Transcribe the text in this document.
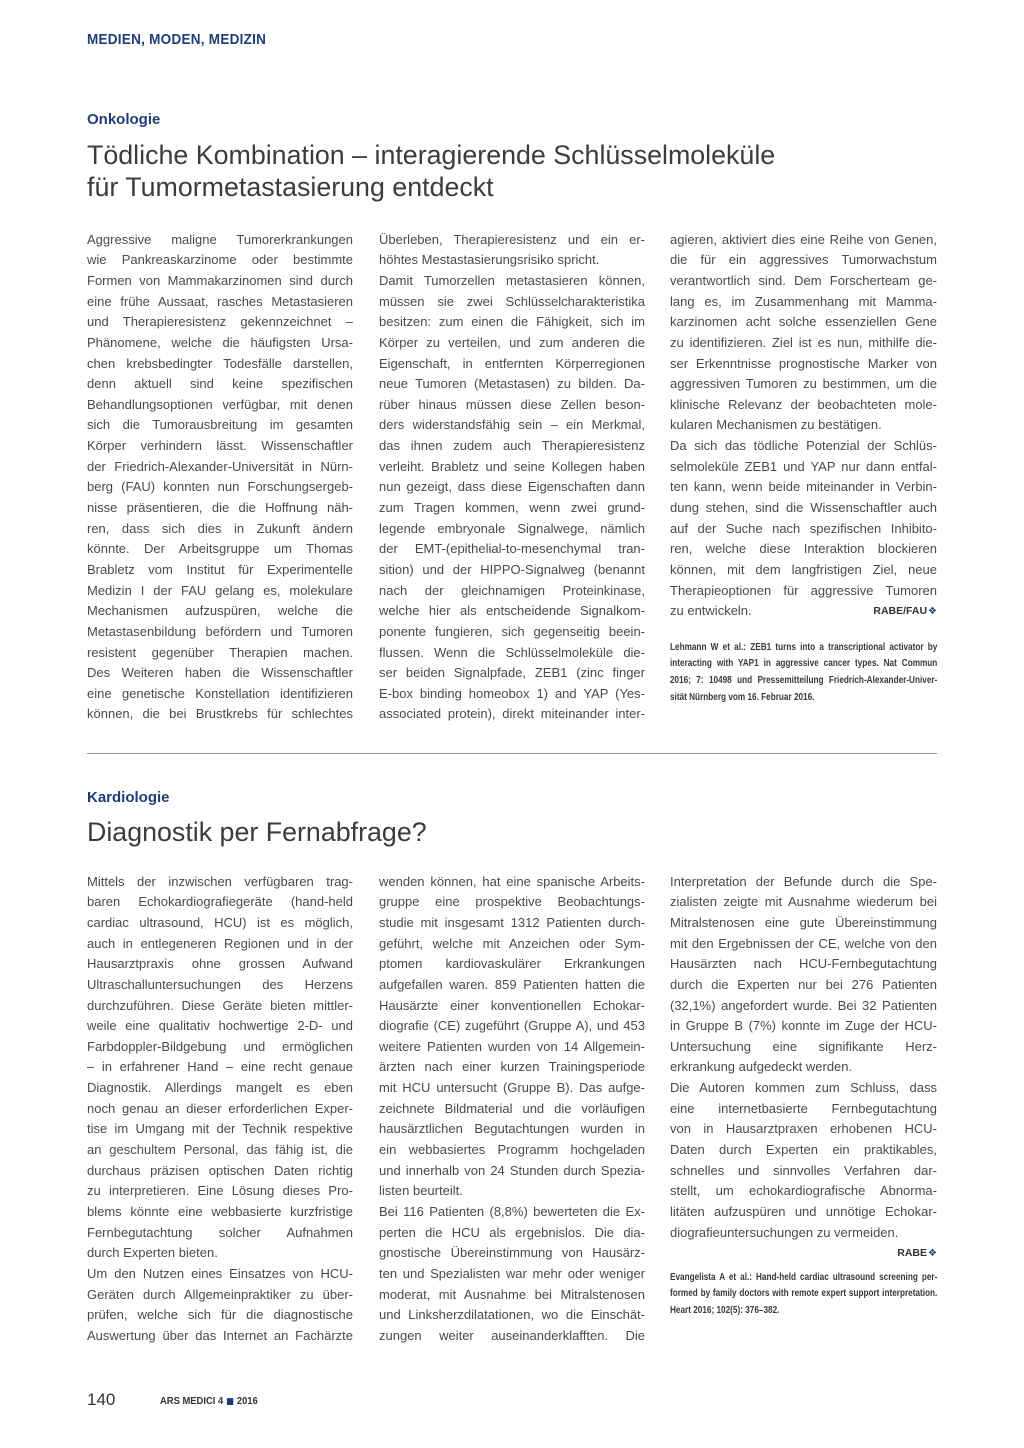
MEDIEN, MODEN, MEDIZIN
Onkologie
Tödliche Kombination – interagierende Schlüsselmoleküle
für Tumormetastasierung entdeckt
Aggressive maligne Tumorerkrankungen
wie Pankreaskarzinome oder bestimmte
Formen von Mammakarzinomen sind durch
eine frühe Aussaat, rasches Metastasieren
und Therapieresistenz gekennzeichnet –
Phänomene, welche die häufigsten Ursa-
chen krebsbedingter Todesfälle darstellen,
denn aktuell sind keine spezifischen
Behandlungsoptionen verfügbar, mit denen
sich die Tumorausbreitung im gesamten
Körper verhindern lässt. Wissenschaftler
der Friedrich-Alexander-Universität in Nürn-
berg (FAU) konnten nun Forschungsergeb-
nisse präsentieren, die die Hoffnung näh-
ren, dass sich dies in Zukunft ändern
könnte. Der Arbeitsgruppe um Thomas
Brabletz vom Institut für Experimentelle
Medizin I der FAU gelang es, molekulare
Mechanismen aufzuspüren, welche die
Metastasenbildung befördern und Tumoren
resistent gegenüber Therapien machen.
Des Weiteren haben die Wissenschaftler
eine genetische Konstellation identifizieren
können, die bei Brustkrebs für schlechtes
Überleben, Therapieresistenz und ein er-
höhtes Mestastasierungsrisiko spricht.
Damit Tumorzellen metastasieren können,
müssen sie zwei Schlüsselcharakteristika
besitzen: zum einen die Fähigkeit, sich im
Körper zu verteilen, und zum anderen die
Eigenschaft, in entfernten Körperregionen
neue Tumoren (Metastasen) zu bilden. Da-
rüber hinaus müssen diese Zellen beson-
ders widerstandsfähig sein – ein Merkmal,
das ihnen zudem auch Therapieresistenz
verleiht. Brabletz und seine Kollegen haben
nun gezeigt, dass diese Eigenschaften dann
zum Tragen kommen, wenn zwei grund-
legende embryonale Signalwege, nämlich
der EMT-(epithelial-to-mesenchymal tran-
sition) und der HIPPO-Signalweg (benannt
nach der gleichnamigen Proteinkinase,
welche hier als entscheidende Signalkom-
ponente fungieren, sich gegenseitig beein-
flussen. Wenn die Schlüsselmoleküle die-
ser beiden Signalpfade, ZEB1 (zinc finger
E-box binding homeobox 1) and YAP (Yes-
associated protein), direkt miteinander inter-
agieren, aktiviert dies eine Reihe von Genen,
die für ein aggressives Tumorwachstum
verantwortlich sind. Dem Forscherteam ge-
lang es, im Zusammenhang mit Mamma-
karzinomen acht solche essenziellen Gene
zu identifizieren. Ziel ist es nun, mithilfe die-
ser Erkenntnisse prognostische Marker von
aggressiven Tumoren zu bestimmen, um die
klinische Relevanz der beobachteten mole-
kularen Mechanismen zu bestätigen.
Da sich das tödliche Potenzial der Schlüs-
selmoleküle ZEB1 und YAP nur dann entfal-
ten kann, wenn beide miteinander in Verbin-
dung stehen, sind die Wissenschaftler auch
auf der Suche nach spezifischen Inhibito-
ren, welche diese Interaktion blockieren
können, mit dem langfristigen Ziel, neue
Therapieoptionen für aggressive Tumoren
zu entwickeln.	RABE/FAU❖
Lehmann W et al.: ZEB1 turns into a transcriptional activator by
interacting with YAP1 in aggressive cancer types. Nat Commun
2016; 7: 10498 und Pressemitteilung Friedrich-Alexander-Univer-
sität Nürnberg vom 16. Februar 2016.
Kardiologie
Diagnostik per Fernabfrage?
Mittels der inzwischen verfügbaren trag-
baren Echokardiografiegeräte (hand-held
cardiac ultrasound, HCU) ist es möglich,
auch in entlegeneren Regionen und in der
Hausarztpraxis ohne grossen Aufwand
Ultraschalluntersuchungen des Herzens
durchzuführen. Diese Geräte bieten mittler-
weile eine qualitativ hochwertige 2-D- und
Farbdoppler-Bildgebung und ermöglichen
– in erfahrener Hand – eine recht genaue
Diagnostik. Allerdings mangelt es eben
noch genau an dieser erforderlichen Exper-
tise im Umgang mit der Technik respektive
an geschultem Personal, das fähig ist, die
durchaus präzisen optischen Daten richtig
zu interpretieren. Eine Lösung dieses Pro-
blems könnte eine webbasierte kurzfristige
Fernbegutachtung solcher Aufnahmen
durch Experten bieten.
Um den Nutzen eines Einsatzes von HCU-
Geräten durch Allgemeinpraktiker zu über-
prüfen, welche sich für die diagnostische
Auswertung über das Internet an Fachärzte
wenden können, hat eine spanische Arbeits-
gruppe eine prospektive Beobachtungs-
studie mit insgesamt 1312 Patienten durch-
geführt, welche mit Anzeichen oder Sym-
ptomen kardiovaskulärer Erkrankungen
aufgefallen waren. 859 Patienten hatten die
Hausärzte einer konventionellen Echokar-
diografie (CE) zugeführt (Gruppe A), und 453
weitere Patienten wurden von 14 Allgemein-
ärzten nach einer kurzen Trainingsperiode
mit HCU untersucht (Gruppe B). Das aufge-
zeichnete Bildmaterial und die vorläufigen
hausärztlichen Begutachtungen wurden in
ein webbasiertes Programm hochgeladen
und innerhalb von 24 Stunden durch Spezia-
listen beurteilt.
Bei 116 Patienten (8,8%) bewerteten die Ex-
perten die HCU als ergebnislos. Die dia-
gnostische Übereinstimmung von Hausärz-
ten und Spezialisten war mehr oder weniger
moderat, mit Ausnahme bei Mitralstenosen
und Linksherzdilatationen, wo die Einschät-
zungen weiter auseinanderklafften. Die
Interpretation der Befunde durch die Spe-
zialisten zeigte mit Ausnahme wiederum bei
Mitralstenosen eine gute Übereinstimmung
mit den Ergebnissen der CE, welche von den
Hausärzten nach HCU-Fernbegutachtung
durch die Experten nur bei 276 Patienten
(32,1%) angefordert wurde. Bei 32 Patienten
in Gruppe B (7%) konnte im Zuge der HCU-
Untersuchung eine signifikante Herz-
erkrankung aufgedeckt werden.
Die Autoren kommen zum Schluss, dass
eine internetbasierte Fernbegutachtung
von in Hausarztpraxen erhobenen HCU-
Daten durch Experten ein praktikables,
schnelles und sinnvolles Verfahren dar-
stellt, um echokardiografische Abnorma-
litäten aufzuspüren und unnötige Echokar-
diografieuntersuchungen zu vermeiden.
RABE❖
Evangelista A et al.: Hand-held cardiac ultrasound screening per-
formed by family doctors with remote expert support interpretation.
Heart 2016; 102(5): 376–382.
140	ARS MEDICI 4 ■ 2016
